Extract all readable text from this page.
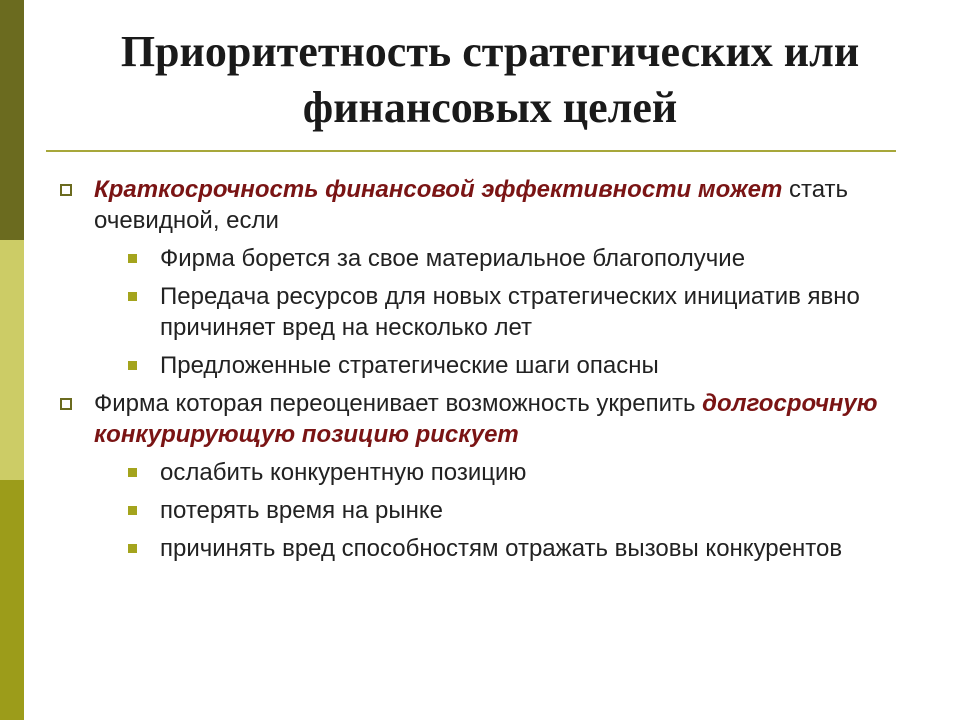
Приоритетность стратегических или
финансовых целей
Краткосрочность финансовой эффективности может стать очевидной, если
Фирма борется за свое материальное благополучие
Передача ресурсов для новых стратегических инициатив явно причиняет вред на несколько лет
Предложенные стратегические шаги опасны
Фирма которая переоценивает возможность укрепить долгосрочную конкурирующую позицию рискует
ослабить конкурентную позицию
потерять время на рынке
причинять вред способностям отражать вызовы конкурентов
